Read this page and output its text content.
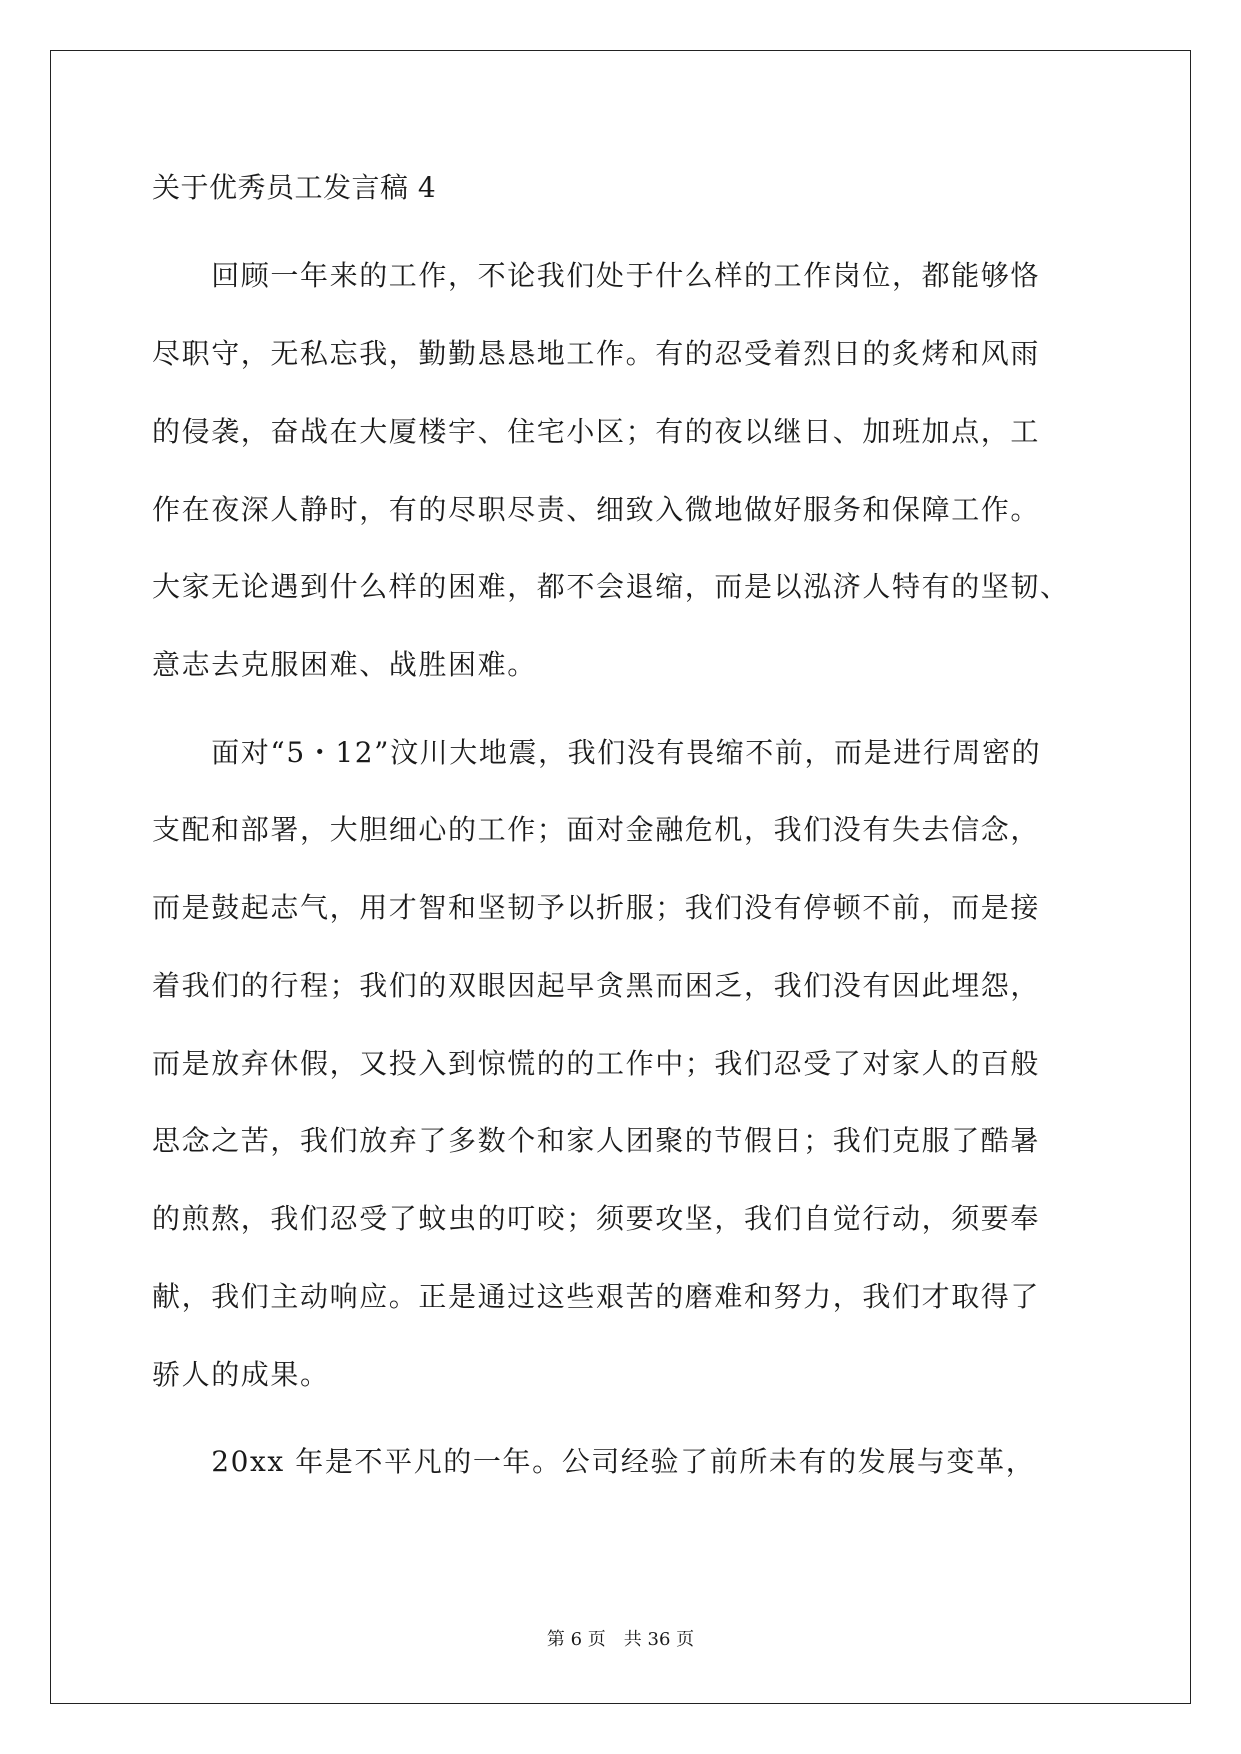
关于优秀员工发言稿 4
　　回顾一年来的工作，不论我们处于什么样的工作岗位，都能够恪
尽职守，无私忘我，勤勤恳恳地工作。有的忍受着烈日的炙烤和风雨
的侵袭，奋战在大厦楼宇、住宅小区；有的夜以继日、加班加点，工
作在夜深人静时，有的尽职尽责、细致入微地做好服务和保障工作。
大家无论遇到什么样的困难，都不会退缩，而是以泓济人特有的坚韧、
意志去克服困难、战胜困难。
　　面对“5・12”汶川大地震，我们没有畏缩不前，而是进行周密的
支配和部署，大胆细心的工作；面对金融危机，我们没有失去信念，
而是鼓起志气，用才智和坚韧予以折服；我们没有停顿不前，而是接
着我们的行程；我们的双眼因起早贪黑而困乏，我们没有因此埋怨，
而是放弃休假，又投入到惊慌的的工作中；我们忍受了对家人的百般
思念之苦，我们放弃了多数个和家人团聚的节假日；我们克服了酷暑
的煎熬，我们忍受了蚊虫的叮咬；须要攻坚，我们自觉行动，须要奉
献，我们主动响应。正是通过这些艰苦的磨难和努力，我们才取得了
骄人的成果。
　　20xx 年是不平凡的一年。公司经验了前所未有的发展与变革，
第 6 页　共 36 页
